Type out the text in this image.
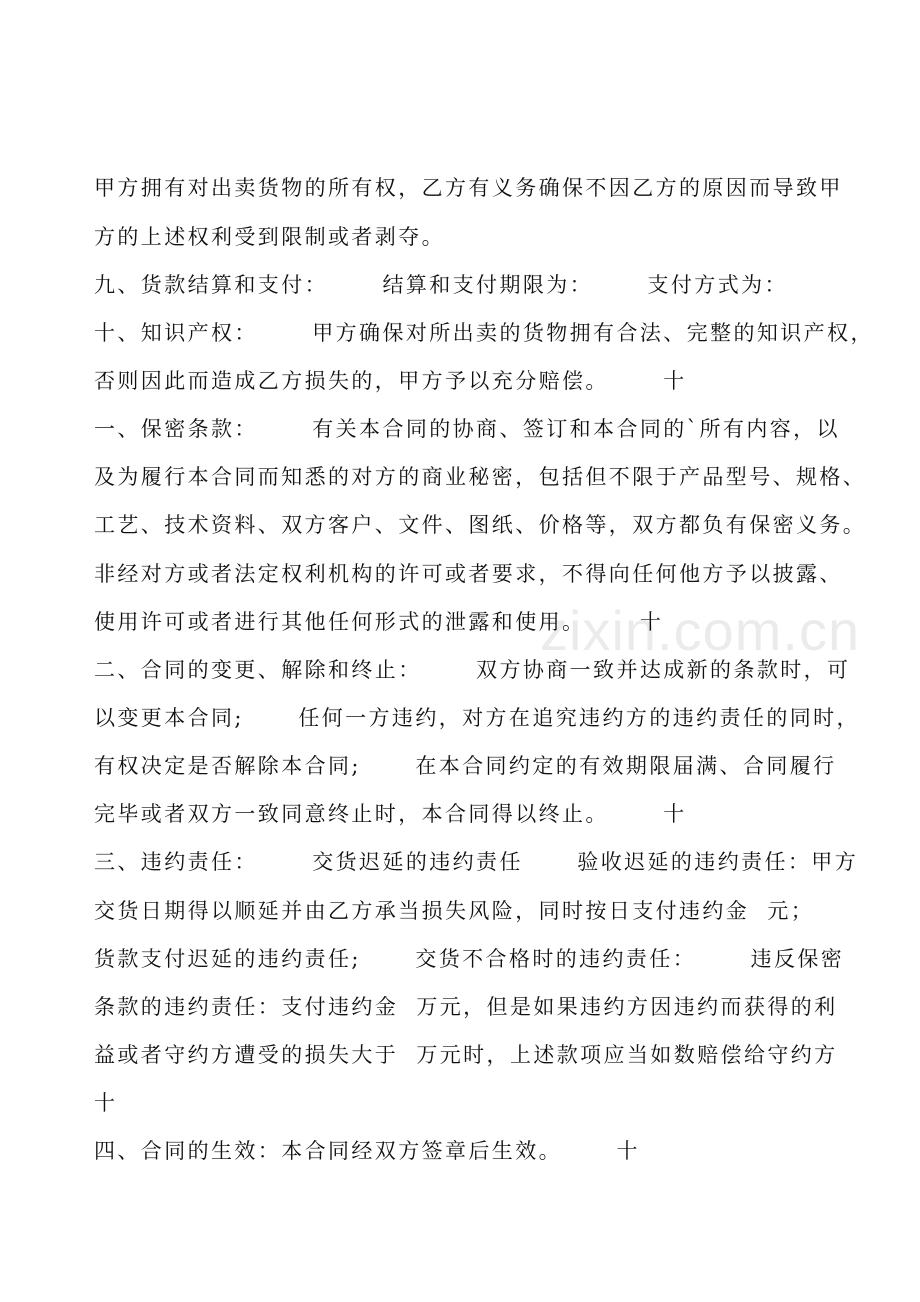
甲方拥有对出卖货物的所有权，乙方有义务确保不因乙方的原因而导致甲
方的上述权利受到限制或者剥夺。
九、货款结算和支付：      结算和支付期限为：      支付方式为：
十、知识产权：      甲方确保对所出卖的货物拥有合法、完整的知识产权，
否则因此而造成乙方损失的，甲方予以充分赔偿。      十
一、保密条款：      有关本合同的协商、签订和本合同的`所有内容，以
及为履行本合同而知悉的对方的商业秘密，包括但不限于产品型号、规格、
工艺、技术资料、双方客户、文件、图纸、价格等，双方都负有保密义务。
非经对方或者法定权利机构的许可或者要求，不得向任何他方予以披露、
使用许可或者进行其他任何形式的泄露和使用。      十
二、合同的变更、解除和终止：      双方协商一致并达成新的条款时，可
以变更本合同;      任何一方违约，对方在追究违约方的违约责任的同时，
有权决定是否解除本合同;      在本合同约定的有效期限届满、合同履行
完毕或者双方一致同意终止时，本合同得以终止。      十
三、违约责任：      交货迟延的违约责任      验收迟延的违约责任：甲方
交货日期得以顺延并由乙方承当损失风险，同时按日支付违约金  元；
货款支付迟延的违约责任;      交货不合格时的违约责任：      违反保密
条款的违约责任：支付违约金  万元，但是如果违约方因违约而获得的利
益或者守约方遭受的损失大于  万元时，上述款项应当如数赔偿给守约方
十
四、合同的生效：本合同经双方签章后生效。      十
zixin.com.cn
